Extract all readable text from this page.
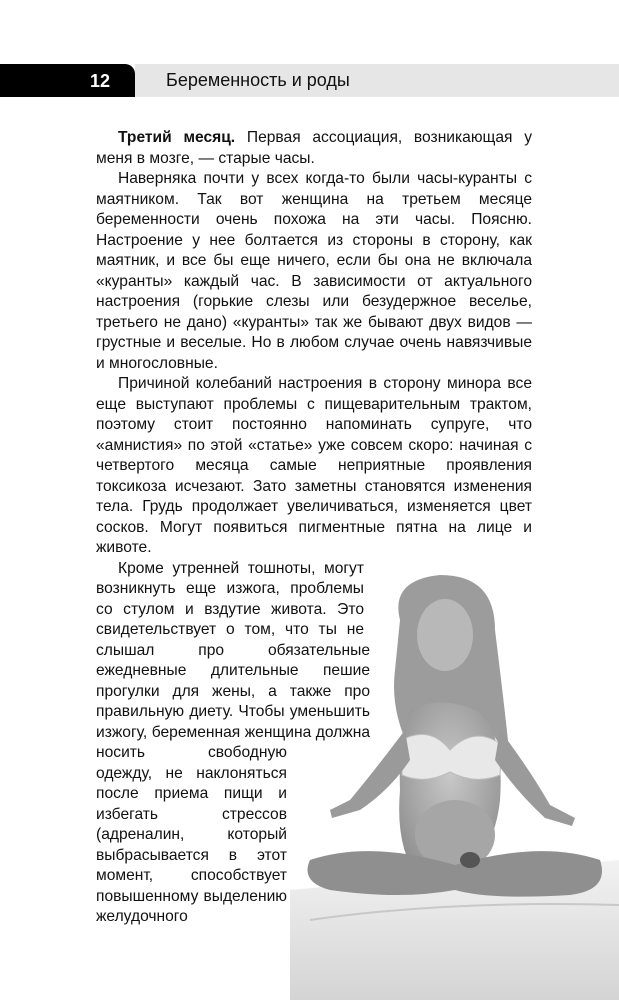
12	Беременность и роды

Третий месяц. Первая ассоциация, возникающая у меня в мозге, — старые часы.

Наверняка почти у всех когда-то были часы-куранты с маятником. Так вот женщина на третьем месяце беременности очень похожа на эти часы. Поясню. Настроение у нее болтается из стороны в сторону, как маятник, и все бы еще ничего, если бы она не включала «куранты» каждый час. В зависимости от актуального настроения (горькие слезы или безудержное веселье, третьего не дано) «куранты» так же бывают двух видов — грустные и веселые. Но в любом случае очень навязчивые и многословные.

Причиной колебаний настроения в сторону минора все еще выступают проблемы с пищеварительным трактом, поэтому стоит постоянно напоминать супруге, что «амнистия» по этой «статье» уже совсем скоро: начиная с четвертого месяца самые неприятные проявления токсикоза исчезают. Зато заметны становятся изменения тела. Грудь продолжает увеличиваться, изменяется цвет сосков. Могут появиться пигментные пятна на лице и животе.

Кроме утренней тошноты, могут возникнуть еще изжога, проблемы со стулом и вздутие живота. Это свидетельствует о том, что ты не слышал про обязательные ежедневные длительные пешие прогулки для жены, а также про правильную диету. Чтобы уменьшить изжогу, беременная женщина должна носить свободную одежду, не наклоняться после приема пищи и избегать стрессов (адреналин, который выбрасывается в этот момент, способствует повышенному выделению желудочного
